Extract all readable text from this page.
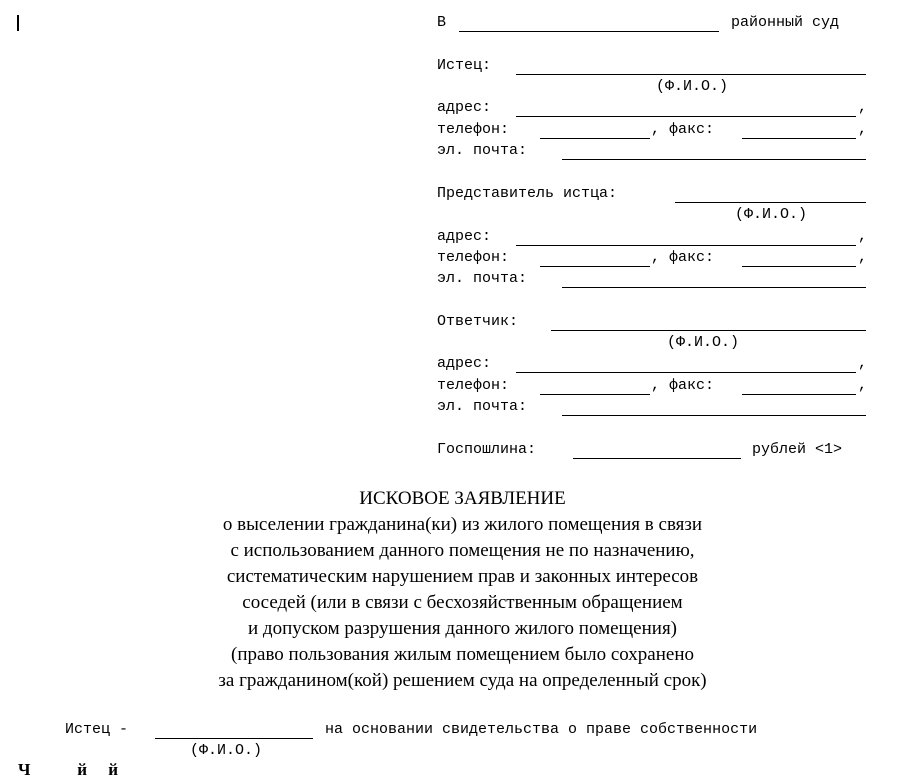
В	районный суд
Истец:
(Ф.И.О.)
адрес:	,
телефон:	, факс:	,
эл. почта:
Представитель истца:
(Ф.И.О.)
адрес:	,
телефон:	, факс:	,
эл. почта:
Ответчик:
(Ф.И.О.)
адрес:	,
телефон:	, факс:	,
эл. почта:
Госпошлина:	рублей <1>
ИСКОВОЕ ЗАЯВЛЕНИЕ
о выселении гражданина(ки) из жилого помещения в связи
с использованием данного помещения не по назначению,
систематическим нарушением прав и законных интересов
соседей (или в связи с бесхозяйственным обращением
и допуском разрушения данного жилого помещения)
(право пользования жилым помещением было сохранено
за гражданином(кой) решением суда на определенный срок)
Истец -	на основании свидетельства о праве собственности
(Ф.И.О.)
Ч           й     й
